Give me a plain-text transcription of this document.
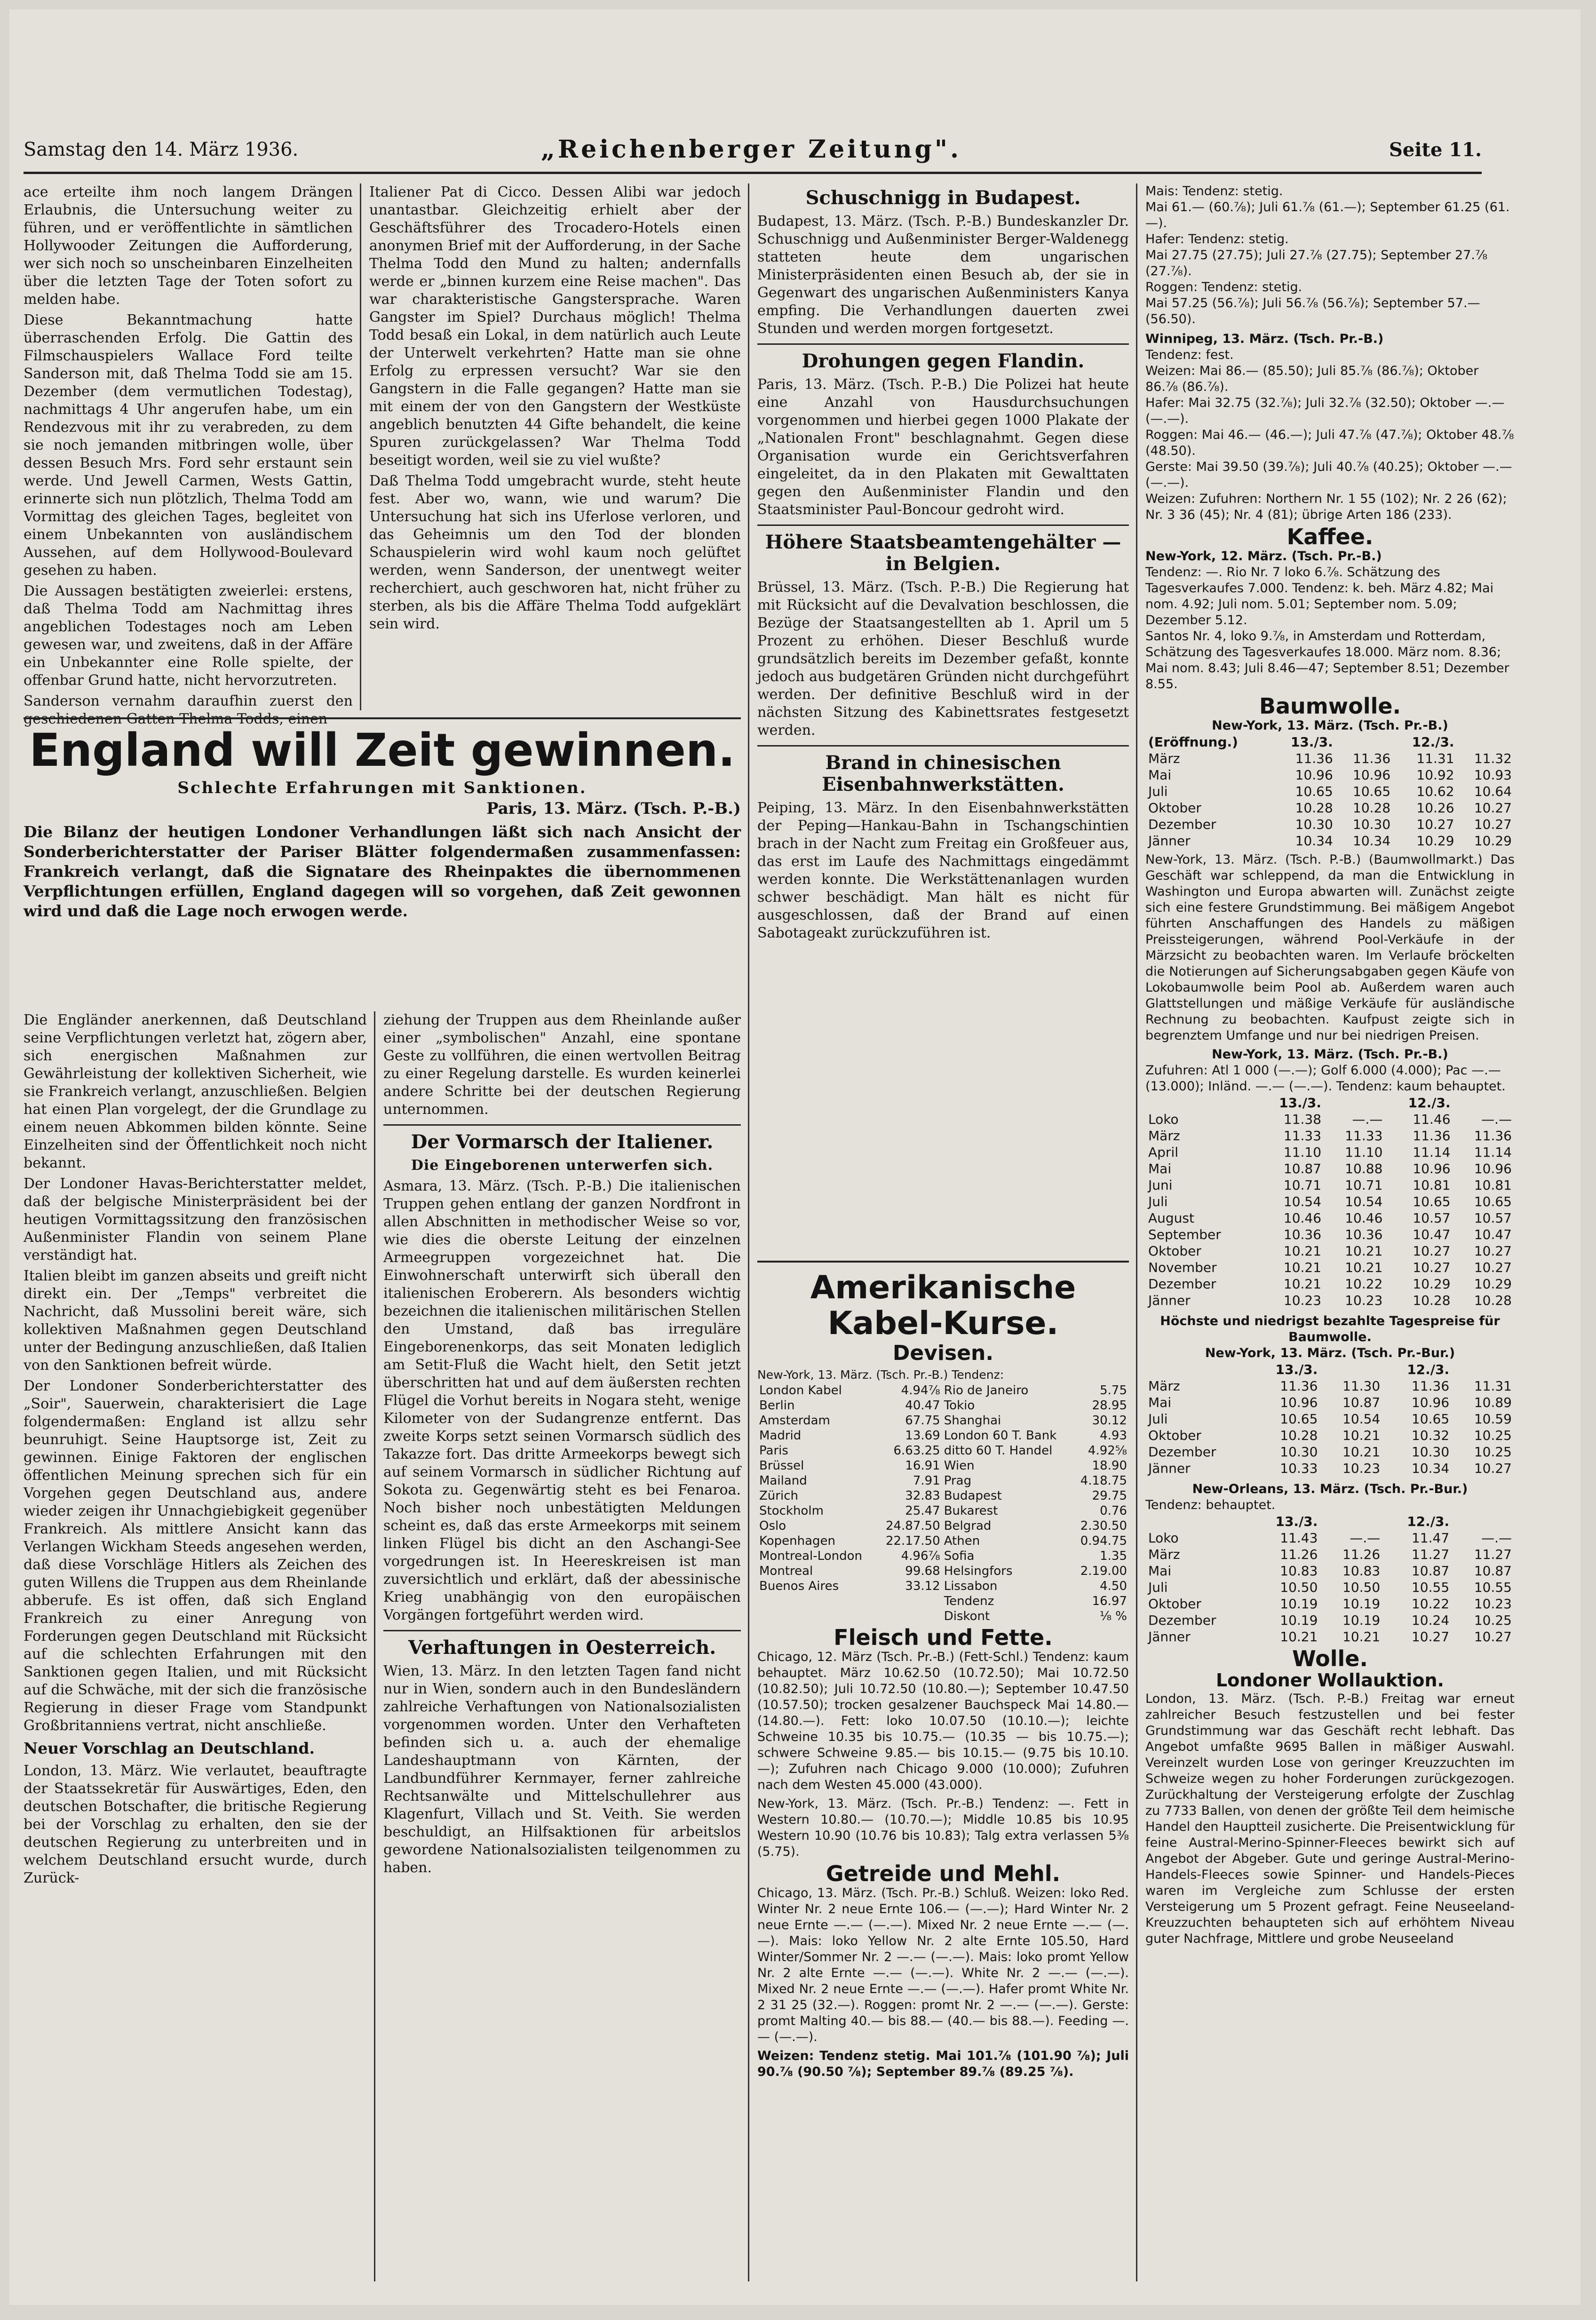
Samstag den 14. März 1936.	„Reichenberger Zeitung".	Seite 11.

ace erteilte ihm noch langem Drängen Erlaubnis, die Untersuchung weiter zu führen, und er veröffentlichte in sämtlichen Hollywooder Zeitungen die Aufforderung, wer sich noch so unscheinbaren Einzelheiten über die letzten Tage der Toten sofort zu melden habe.

Diese Bekanntmachung hatte überraschenden Erfolg. Die Gattin des Filmschauspielers Wallace Ford teilte Sanderson mit, daß Thelma Todd sie am 15. Dezember (dem vermutlichen Todestag), nachmittags 4 Uhr angerufen habe, um ein Rendezvous mit ihr zu verabreden, zu dem sie noch jemanden mitbringen wolle, über dessen Besuch Mrs. Ford sehr erstaunt sein werde. Und Jewell Carmen, Wests Gattin, erinnerte sich nun plötzlich, Thelma Todd am Vormittag des gleichen Tages, begleitet von einem Unbekannten von ausländischem Aussehen, auf dem Hollywood-Boulevard gesehen zu haben.

Die Aussagen bestätigten zweierlei: erstens, daß Thelma Todd am Nachmittag ihres angeblichen Todestages noch am Leben gewesen war, und zweitens, daß in der Affäre ein Unbekannter eine Rolle spielte, der offenbar Grund hatte, nicht hervorzutreten.

Sanderson vernahm daraufhin zuerst den

Italiener Pat di Cicco. Dessen Alibi war jedoch unantastbar. Gleichzeitig erhielt aber der Geschäftsführer des Trocadero-Hotels einen anonymen Brief mit der Aufforderung, in der Sache Thelma Todd den Mund zu halten; andernfalls werde er „binnen kurzem eine Reise machen". Das war charakteristische Gangstersprache. Waren Gangster im Spiel? Durchaus möglich! Thelma Todd besaß ein Lokal, in dem natürlich auch Leute der Unterwelt verkehrten? Hatte man sie ohne Erfolg zu erpressen versucht? War sie den Gangstern in die Falle gegangen? Hatte man sie mit einem der von den Gangstern der Westküste angeblich benutzten 44 Gifte behandelt, die keine Spuren zurückgelassen? War Thelma Todd beseitigt worden, weil sie zu viel wußte?

Daß Thelma Todd umgebracht wurde, steht heute fest. Aber wo, wann, wie und warum? Die Untersuchung hat sich ins Uferlose verloren, und das Geheimnis um den Tod der blonden Schauspielerin wird wohl kaum noch gelüftet werden, wenn Sanderson, der unentwegt weiter recherchiert, auch geschworen hat, nicht früher zu sterben, als bis die Affäre Thelma Todd aufgeklärt sein wird.

England will Zeit gewinnen.
Schlechte Erfahrungen mit Sanktionen.
Paris, 13. März. (Tsch. P.-B.)

Die Bilanz der heutigen Londoner Verhandlungen läßt sich nach Ansicht der Sonderberichterstatter der Pariser Blätter folgendermaßen zusammenfassen: Frankreich verlangt, daß die Signatare des Rheinpaktes die übernommenen Verpflichtungen erfüllen, England dagegen will so vorgehen, daß Zeit gewonnen wird und daß die Lage noch erwogen werde.

Die Engländer anerkennen, daß Deutschland seine Verpflichtungen verletzt hat, zögern aber, sich energischen Maßnahmen zur Gewährleistung der kollektiven Sicherheit, wie sie Frankreich verlangt, anzuschließen. Belgien hat einen Plan vorgelegt, der die Grundlage zu einem neuen Abkommen bilden könnte. Seine Einzelheiten sind der Öffentlichkeit noch nicht bekannt.

Der Londoner Havas-Berichterstatter meldet, daß der belgische Ministerpräsident bei der heutigen Vormittagssitzung den französischen Außenminister Flandin von seinem Plane verständigt hat.

Italien bleibt im ganzen abseits und greift nicht direkt ein. Der „Temps" verbreitet die Nachricht, daß Mussolini bereit wäre, sich kollektiven Maßnahmen gegen Deutschland unter der Bedingung anzuschließen, daß Italien von den Sanktionen befreit würde.

Der Londoner Sonderberichterstatter des „Soir", Sauerwein, charakterisiert die Lage folgendermaßen: England ist allzu sehr beunruhigt. Seine Hauptsorge ist, Zeit zu gewinnen. Einige Faktoren der englischen öffentlichen Meinung sprechen sich für ein Vorgehen gegen Deutschland aus, andere wieder zeigen ihr Unnachgiebigkeit gegenüber Frankreich. Als mittlere Ansicht kann das Verlangen Wickham Steeds angesehen werden, daß diese Vorschläge Hitlers als Zeichen des guten Willens die Truppen aus dem Rheinlande abberufe. Es ist offen, daß sich England Frankreich zu einer Anregung von Forderungen gegen Deutschland mit Rücksicht auf die schlechten Erfahrungen mit den Sanktionen gegen Italien, und mit Rücksicht auf die Schwäche, mit der sich die französische Regierung in dieser Frage vom Standpunkt Großbritanniens vertrat, nicht anschließe.

Neuer Vorschlag an Deutschland.

London, 13. März. Wie verlautet, beauftragte der Staatssekretär für Auswärtiges, Eden, den deutschen Botschafter, die britische Regierung bei der Vorschlag zu erhalten, den sie der deutschen Regierung zu unterbreiten und in welchem Deutschland ersucht wurde, durch Zurück-

ziehung der Truppen aus dem Rheinlande außer einer „symbolischen" Anzahl, eine spontane Geste zu vollführen, die einen wertvollen Beitrag zu einer Regelung darstelle. Es wurden keinerlei andere Schritte bei der deutschen Regierung unternommen.

Der Vormarsch der Italiener.
Die Eingeborenen unterwerfen sich.

Asmara, 13. März. (Tsch. P.-B.) Die italienischen Truppen gehen entlang der ganzen Nordfront in allen Abschnitten in methodischer Weise so vor, wie dies die oberste Leitung der einzelnen Armeegruppen vorgezeichnet hat. Die Einwohnerschaft unterwirft sich überall den italienischen Eroberern. Als besonders wichtig bezeichnen die italienischen militärischen Stellen den Umstand, daß bas irreguläre Eingeborenenkorps, das seit Monaten lediglich am Setit-Fluß die Wacht hielt, den Setit jetzt überschritten hat und auf dem äußersten rechten Flügel die Vorhut bereits in Nogara steht, wenige Kilometer von der Sudangrenze entfernt. Das zweite Korps setzt seinen Vormarsch südlich des Takazze fort. Das dritte Armeekorps bewegt sich auf seinem Vormarsch in südlicher Richtung auf Sokota zu. Gegenwärtig steht es bei Fenaroa. Noch bisher noch unbestätigten Meldungen scheint es, daß das erste Armeekorps mit seinem linken Flügel bis dicht an den Aschangi-See vorgedrungen ist. In Heereskreisen ist man zuversichtlich und erklärt, daß der abessinische Krieg unabhängig von den europäischen Vorgängen fortgeführt werden wird.

Verhaftungen in Oesterreich.

Wien, 13. März. In den letzten Tagen fand nicht nur in Wien, sondern auch in den Bundesländern zahlreiche Verhaftungen von Nationalsozialisten vorgenommen worden. Unter den Verhafteten befinden sich u. a. auch der ehemalige Landeshauptmann von Kärnten, der Landbundführer Kernmayer, ferner zahlreiche Rechtsanwälte und Mittelschullehrer aus Klagenfurt, Villach und St. Veith. Sie werden beschuldigt, an Hilfsaktionen für arbeitslos gewordene Nationalsozialisten teilgenommen zu haben.

Schuschnigg in Budapest.

Budapest, 13. März. (Tsch. P.-B.) Bundeskanzler Dr. Schuschnigg und Außenminister Berger-Waldenegg statteten heute dem ungarischen Ministerpräsidenten einen Besuch ab, der sie in Gegenwart des ungarischen Außenministers Kanya empfing. Die Verhandlungen dauerten zwei Stunden und werden morgen fortgesetzt.

Drohungen gegen Flandin.

Paris, 13. März. (Tsch. P.-B.) Die Polizei hat heute eine Anzahl von Hausdurchsuchungen vorgenommen und hierbei gegen 1000 Plakate der „Nationalen Front" beschlagnahmt. Gegen diese Organisation wurde ein Gerichtsverfahren eingeleitet, da in den Plakaten mit Gewalttaten gegen den Außenminister Flandin und den Staatsminister Paul-Boncour gedroht wird.

Höhere Staatsbeamtengehälter — in Belgien.

Brüssel, 13. März. (Tsch. P.-B.) Die Regierung hat mit Rücksicht auf die Devalvation beschlossen, die Bezüge der Staatsangestellten ab 1. April um 5 Prozent zu erhöhen. Dieser Beschluß wurde grundsätzlich bereits im Dezember gefaßt, konnte jedoch aus budgetären Gründen nicht durchgeführt werden. Der definitive Beschluß wird in der nächsten Sitzung des Kabinettsrates festgesetzt werden.

Brand in chinesischen Eisenbahnwerkstätten.

Peiping, 13. März. In den Eisenbahnwerkstätten der Peping—Hankau-Bahn in Tschangschintien brach in der Nacht zum Freitag ein Großfeuer aus, das erst im Laufe des Nachmittags eingedämmt werden konnte. Die Werkstättenanlagen wurden schwer beschädigt. Man hält es nicht für ausgeschlossen, daß der Brand auf einen Sabotageakt zurückzuführen ist.

Amerikanische Kabel-Kurse.
Devisen.
New-York, 13. März. (Tsch. Pr.-B.) Tendenz:
London Kabel	4.94⅞	Rio de Janeiro	5.75
Berlin	40.47	Tokio	28.95
Amsterdam	67.75	Shanghai	30.12
Madrid	13.69	London 60 T. Bank	4.93
Paris	6.63.25	ditto 60 T. Handel	4.92⅝
Brüssel	16.91	Wien	18.90
Mailand	7.91	Prag	4.18.75
Zürich	32.83	Budapest	29.75
Stockholm	25.47	Bukarest	0.76
Oslo	24.87.50	Belgrad	2.30.50
Kopenhagen	22.17.50	Athen	0.94.75
Montreal-London	4.96⅞	Sofia	1.35
Montreal	99.68	Helsingfors	2.19.00
Buenos Aires	33.12	Lissabon	4.50
		Tendenz	16.97
		Diskont	⅛ %
Fleisch und Fette.

Chicago, 12. März (Tsch. Pr.-B.) (Fett-Schl.) Tendenz: kaum behauptet. März 10.62.50 (10.72.50); Mai 10.72.50 (10.82.50); Juli 10.72.50 (10.80.—); September 10.47.50 (10.57.50); trocken gesalzener Bauchspeck Mai 14.80.— (14.80.—). Fett: loko 10.07.50 (10.10.—); leichte Schweine 10.35 bis 10.75.— (10.35 — bis 10.75.—); schwere Schweine 9.85.— bis 10.15.— (9.75 bis 10.10.—); Zufuhren nach Chicago 9.000 (10.000); Zufuhren nach dem Westen 45.000 (43.000).

New-York, 13. März. (Tsch. Pr.-B.) Tendenz: —. Fett in Western 10.80.— (10.70.—); Middle 10.85 bis 10.95 Western 10.90 (10.76 bis 10.83); Talg extra verlassen 5⅜ (5.75).

Getreide und Mehl.

Chicago, 13. März. (Tsch. Pr.-B.) Schluß. Weizen: loko Red. Winter Nr. 2 neue Ernte 106.— (—.—); Hard Winter Nr. 2 neue Ernte —.— (—.—). Mixed Nr. 2 neue Ernte —.— (—.—). Mais: loko Yellow Nr. 2 alte Ernte 105.50, Hard Winter/Sommer Nr. 2 —.— (—.—). Mais: loko promt Yellow Nr. 2 alte Ernte —.— (—.—). White Nr. 2 —.— (—.—). Mixed Nr. 2 neue Ernte —.— (—.—). Hafer promt White Nr. 2 31 25 (32.—). Roggen: promt Nr. 2 —.— (—.—). Gerste: promt Malting 40.— bis 88.— (40.— bis 88.—). Feeding —.— (—.—).

Weizen: Tendenz stetig. Mai 101.⅞ (101.90 ⅞); Juli 90.⅞ (90.50 ⅞); September 89.⅞ (89.25 ⅞).

Mais: Tendenz: stetig.
Mai 61.— (60.⅞); Juli 61.⅞ (61.—); September 61.25 (61.—).
Hafer: Tendenz: stetig.
Mai 27.75 (27.75); Juli 27.⅞ (27.75); September 27.⅞ (27.⅞).
Roggen: Tendenz: stetig.
Mai 57.25 (56.⅞); Juli 56.⅞ (56.⅞); September 57.— (56.50).
Winnipeg, 13. März. (Tsch. Pr.-B.)
Tendenz: fest.
Weizen: Mai 86.— (85.50); Juli 85.⅞ (86.⅞); Oktober 86.⅞ (86.⅞).
Hafer: Mai 32.75 (32.⅞); Juli 32.⅞ (32.50); Oktober —.— (—.—).
Roggen: Mai 46.— (46.—); Juli 47.⅞ (47.⅞); Oktober 48.⅞ (48.50).
Gerste: Mai 39.50 (39.⅞); Juli 40.⅞ (40.25); Oktober —.— (—.—).
Weizen: Zufuhren: Northern Nr. 1 55 (102); Nr. 2 26 (62); Nr. 3 36 (45); Nr. 4 (81); übrige Arten 186 (233).
Kaffee.
New-York, 12. März. (Tsch. Pr.-B.)
Tendenz: —. Rio Nr. 7 loko 6.⅞. Schätzung des Tagesverkaufes 7.000. Tendenz: k. beh. März 4.82; Mai nom. 4.92; Juli nom. 5.01; September nom. 5.09; Dezember 5.12.
Santos Nr. 4, loko 9.⅞, in Amsterdam und Rotterdam, Schätzung des Tagesverkaufes 18.000. März nom. 8.36; Mai nom. 8.43; Juli 8.46—47; September 8.51; Dezember 8.55.
Baumwolle.
New-York, 13. März. (Tsch. Pr.-B.)
(Eröffnung.)	13./3.		12./3.	
März	11.36	11.36	11.31	11.32
Mai	10.96	10.96	10.92	10.93
Juli	10.65	10.65	10.62	10.64
Oktober	10.28	10.28	10.26	10.27
Dezember	10.30	10.30	10.27	10.27
Jänner	10.34	10.34	10.29	10.29

New-York, 13. März. (Tsch. P.-B.) (Baumwollmarkt.) Das Geschäft war schleppend, da man die Entwicklung in Washington und Europa abwarten will. Zunächst zeigte sich eine festere Grundstimmung. Bei mäßigem Angebot führten Anschaffungen des Handels zu mäßigen Preissteigerungen, während Pool-Verkäufe in der Märzsicht zu beobachten waren. Im Verlaufe bröckelten die Notierungen auf Sicherungsabgaben gegen Käufe von Lokobaumwolle beim Pool ab. Außerdem waren auch Glattstellungen und mäßige Verkäufe für ausländische Rechnung zu beobachten. Kaufpust zeigte sich in begrenztem Umfange und nur bei niedrigen Preisen.

New-York, 13. März. (Tsch. Pr.-B.)
Zufuhren: Atl 1 000 (—.—); Golf 6.000 (4.000); Pac —.— (13.000); Inländ. —.— (—.—). Tendenz: kaum behauptet.
	13./3.		12./3.	
Loko	11.38	—.—	11.46	—.—
März	11.33	11.33	11.36	11.36
April	11.10	11.10	11.14	11.14
Mai	10.87	10.88	10.96	10.96
Juni	10.71	10.71	10.81	10.81
Juli	10.54	10.54	10.65	10.65
August	10.46	10.46	10.57	10.57
September	10.36	10.36	10.47	10.47
Oktober	10.21	10.21	10.27	10.27
November	10.21	10.21	10.27	10.27
Dezember	10.21	10.22	10.29	10.29
Jänner	10.23	10.23	10.28	10.28
Höchste und niedrigst bezahlte Tagespreise für Baumwolle.
New-York, 13. März. (Tsch. Pr.-Bur.)
	13./3.		12./3.	
März	11.36	11.30	11.36	11.31
Mai	10.96	10.87	10.96	10.89
Juli	10.65	10.54	10.65	10.59
Oktober	10.28	10.21	10.32	10.25
Dezember	10.30	10.21	10.30	10.25
Jänner	10.33	10.23	10.34	10.27
New-Orleans, 13. März. (Tsch. Pr.-Bur.)
Tendenz: behauptet.
	13./3.		12./3.	
Loko	11.43	—.—	11.47	—.—
März	11.26	11.26	11.27	11.27
Mai	10.83	10.83	10.87	10.87
Juli	10.50	10.50	10.55	10.55
Oktober	10.19	10.19	10.22	10.23
Dezember	10.19	10.19	10.24	10.25
Jänner	10.21	10.21	10.27	10.27
Wolle.
Londoner Wollauktion.

London, 13. März. (Tsch. P.-B.) Freitag war erneut zahlreicher Besuch festzustellen und bei fester Grundstimmung war das Geschäft recht lebhaft. Das Angebot umfaßte 9695 Ballen in mäßiger Auswahl. Vereinzelt wurden Lose von geringer Kreuzzuchten im Schweize wegen zu hoher Forderungen zurückgezogen. Zurückhaltung der Versteigerung erfolgte der Zuschlag zu 7733 Ballen, von denen der größte Teil dem heimische Handel den Hauptteil zusicherte. Die Preisentwicklung für feine Austral-Merino-Spinner-Fleeces bewirkt sich auf Angebot der Abgeber. Gute und geringe Austral-Merino-Handels-Fleeces sowie Spinner- und Handels-Pieces waren im Vergleiche zum Schlusse der ersten Versteigerung um 5 Prozent gefragt. Feine Neuseeland-Kreuzzuchten behaupteten sich auf erhöhtem Niveau guter Nachfrage, Mittlere und grobe Neuseeland
